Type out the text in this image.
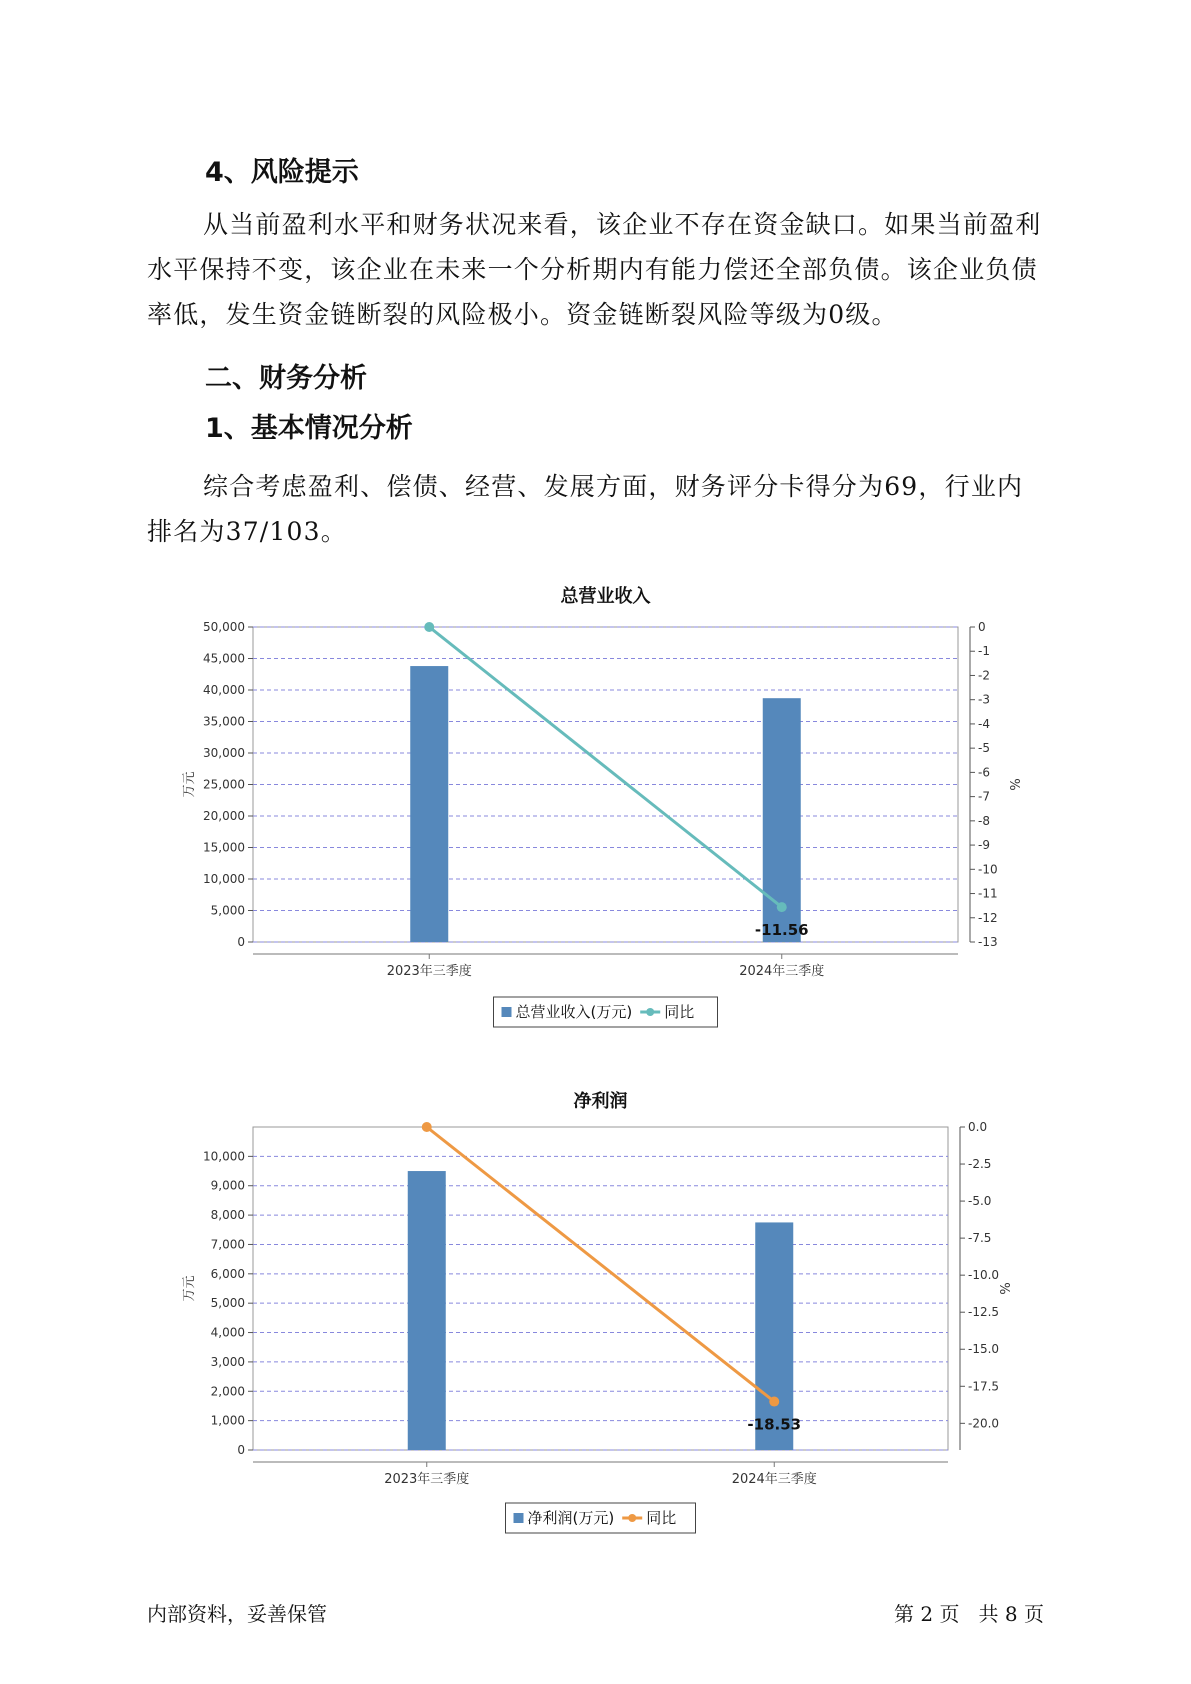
4、风险提示

从当前盈利水平和财务状况来看，该企业不存在资金缺口。如果当前盈利水平保持不变，该企业在未来一个分析期内有能力偿还全部负债。该企业负债率低，发生资金链断裂的风险极小。资金链断裂风险等级为0级。

二、财务分析
1、基本情况分析

综合考虑盈利、偿债、经营、发展方面，财务评分卡得分为69，行业内排名为37/103。

总营业收入
0
5,000
10,000
15,000
20,000
25,000
30,000
35,000
40,000
45,000
50,000	0
-1
-2
-3
-4
-5
-6
-7
-8
-9
-10
-11
-12
-13
万元	%
2023年三季度	2024年三季度
-11.56
总营业收入(万元) 同比
净利润
0
1,000
2,000
3,000
4,000
5,000
6,000
7,000
8,000
9,000
10,000
0.0
-2.5
-5.0
-7.5
-10.0
-12.5
-15.0
-17.5
-20.0
万元	%
2023年三季度	2024年三季度
-18.53
净利润(万元) 同比
内部资料，妥善保管	第 2 页   共 8 页
